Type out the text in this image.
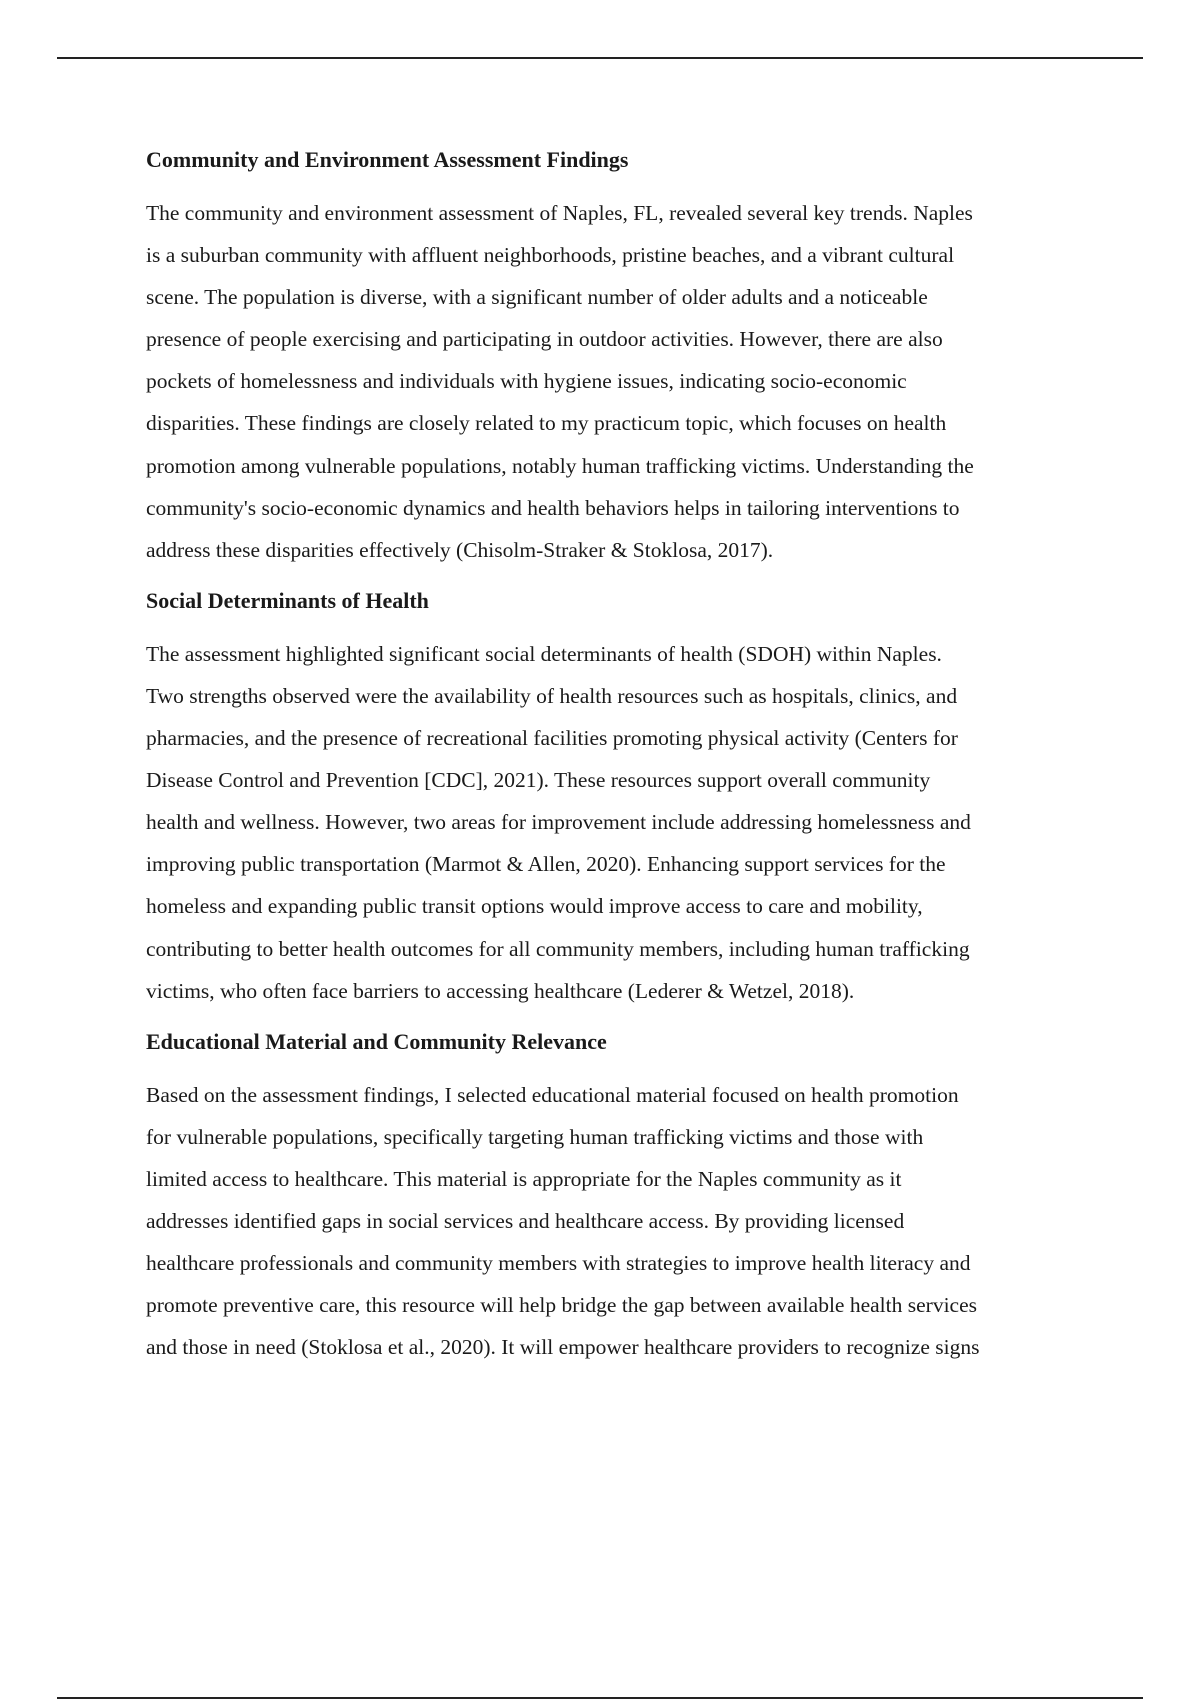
Community and Environment Assessment Findings

The community and environment assessment of Naples, FL, revealed several key trends. Naples

is a suburban community with affluent neighborhoods, pristine beaches, and a vibrant cultural

scene. The population is diverse, with a significant number of older adults and a noticeable

presence of people exercising and participating in outdoor activities. However, there are also

pockets of homelessness and individuals with hygiene issues, indicating socio-economic

disparities. These findings are closely related to my practicum topic, which focuses on health

promotion among vulnerable populations, notably human trafficking victims. Understanding the

community's socio-economic dynamics and health behaviors helps in tailoring interventions to

address these disparities effectively (Chisolm-Straker & Stoklosa, 2017).

Social Determinants of Health

The assessment highlighted significant social determinants of health (SDOH) within Naples.

Two strengths observed were the availability of health resources such as hospitals, clinics, and

pharmacies, and the presence of recreational facilities promoting physical activity (Centers for

Disease Control and Prevention [CDC], 2021). These resources support overall community

health and wellness. However, two areas for improvement include addressing homelessness and

improving public transportation (Marmot & Allen, 2020). Enhancing support services for the

homeless and expanding public transit options would improve access to care and mobility,

contributing to better health outcomes for all community members, including human trafficking

victims, who often face barriers to accessing healthcare (Lederer & Wetzel, 2018).

Educational Material and Community Relevance

Based on the assessment findings, I selected educational material focused on health promotion

for vulnerable populations, specifically targeting human trafficking victims and those with

limited access to healthcare. This material is appropriate for the Naples community as it

addresses identified gaps in social services and healthcare access. By providing licensed

healthcare professionals and community members with strategies to improve health literacy and

promote preventive care, this resource will help bridge the gap between available health services

and those in need (Stoklosa et al., 2020). It will empower healthcare providers to recognize signs
